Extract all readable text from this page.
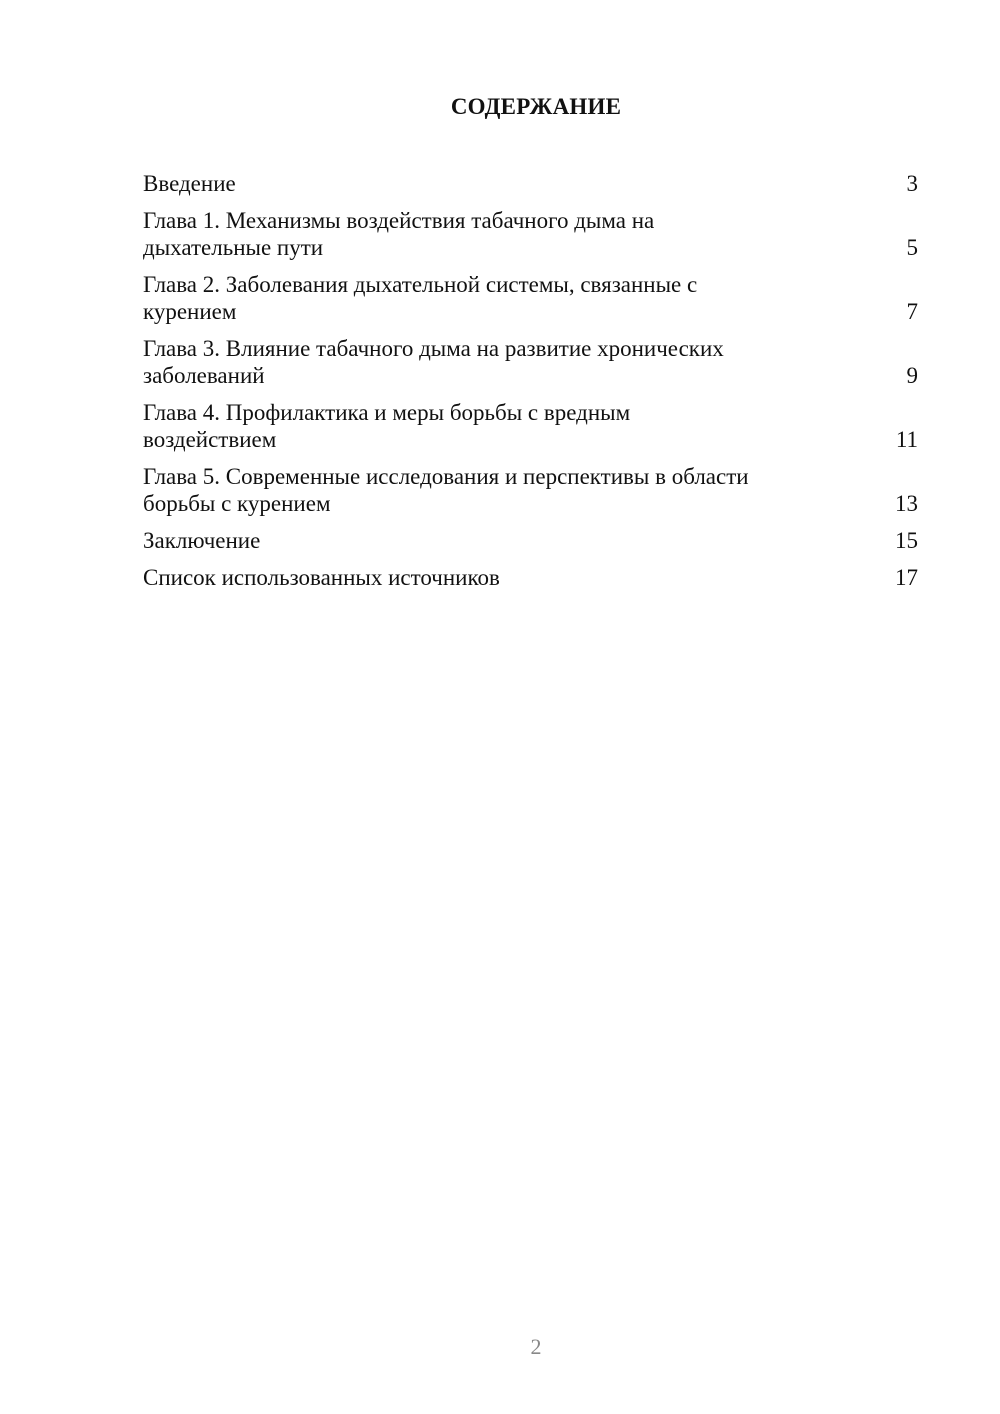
СОДЕРЖАНИЕ
Введение	3
Глава 1. Механизмы воздействия табачного дыма на дыхательные пути	5
Глава 2. Заболевания дыхательной системы, связанные с курением	7
Глава 3. Влияние табачного дыма на развитие хронических заболеваний	9
Глава 4. Профилактика и меры борьбы с вредным воздействием	11
Глава 5. Современные исследования и перспективы в области борьбы с курением	13
Заключение	15
Список использованных источников	17
2
